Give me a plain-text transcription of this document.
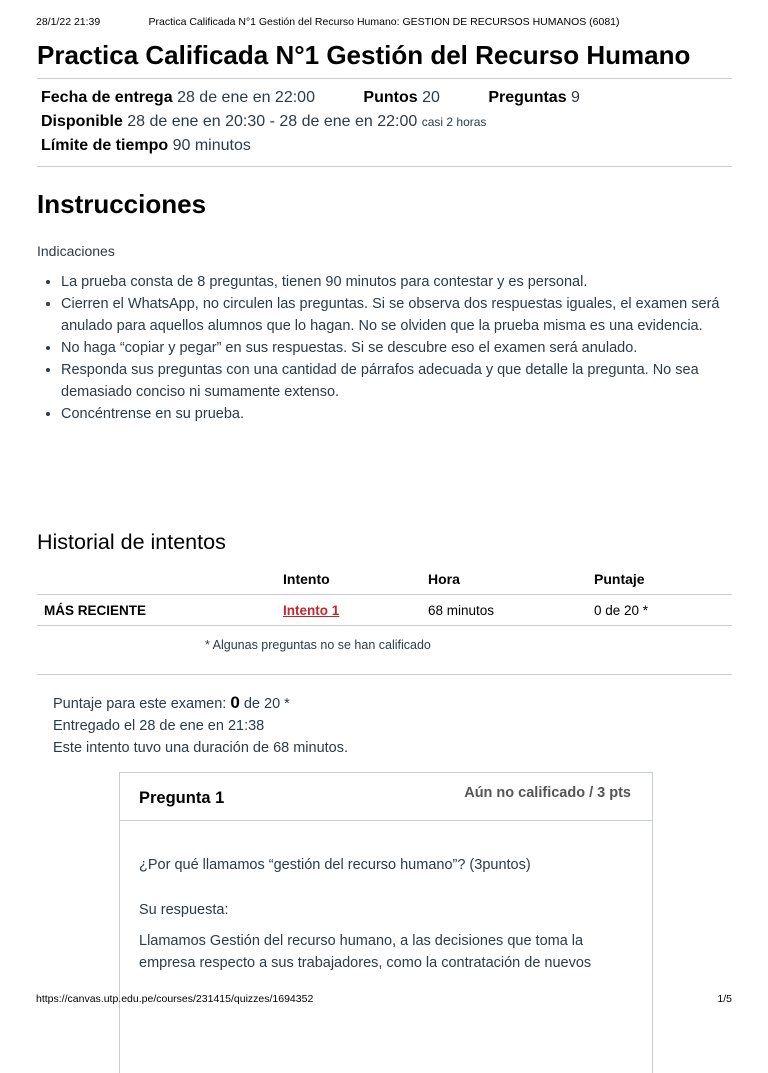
28/1/22 21:39	Practica Calificada N°1 Gestión del Recurso Humano: GESTION DE RECURSOS HUMANOS (6081)
Practica Calificada N°1 Gestión del Recurso Humano
Fecha de entrega 28 de ene en 22:00	Puntos 20	Preguntas 9
Disponible 28 de ene en 20:30 - 28 de ene en 22:00 casi 2 horas
Límite de tiempo 90 minutos
Instrucciones
Indicaciones
• La prueba consta de 8 preguntas, tienen 90 minutos para contestar y es personal.
• Cierren el WhatsApp, no circulen las preguntas. Si se observa dos respuestas iguales, el examen será anulado para aquellos alumnos que lo hagan. No se olviden que la prueba misma es una evidencia.
• No haga “copiar y pegar” en sus respuestas. Si se descubre eso el examen será anulado.
• Responda sus preguntas con una cantidad de párrafos adecuada y que detalle la pregunta. No sea demasiado conciso ni sumamente extenso.
• Concéntrense en su prueba.
Historial de intentos
	Intento	Hora	Puntaje
MÁS RECIENTE	Intento 1	68 minutos	0 de 20 *
* Algunas preguntas no se han calificado
Puntaje para este examen: 0 de 20 *
Entregado el 28 de ene en 21:38
Este intento tuvo una duración de 68 minutos.
Pregunta 1	Aún no calificado / 3 pts

¿Por qué llamamos “gestión del recurso humano”? (3puntos)

Su respuesta:

Llamamos Gestión del recurso humano, a las decisiones que toma la empresa respecto a sus trabajadores, como la contratación de nuevos

https://canvas.utp.edu.pe/courses/231415/quizzes/1694352	1/5
